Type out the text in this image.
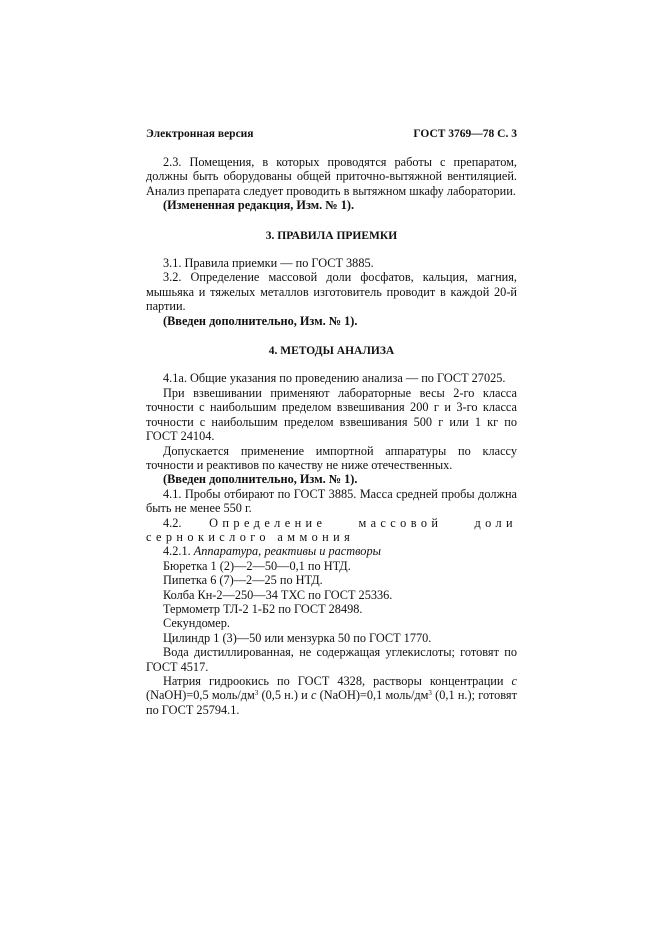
Электронная версия	ГОСТ 3769—78 С. 3

2.3. Помещения, в которых проводятся работы с препаратом, должны быть оборудованы общей приточно-вытяжной вентиляцией. Анализ препарата следует проводить в вытяжном шкафу лаборатории.

(Измененная редакция, Изм. № 1).

3. ПРАВИЛА ПРИЕМКИ

3.1. Правила приемки — по ГОСТ 3885.

3.2. Определение массовой доли фосфатов, кальция, магния, мышьяка и тяжелых металлов изготовитель проводит в каждой 20-й партии.

(Введен дополнительно, Изм. № 1).

4. МЕТОДЫ АНАЛИЗА

4.1a. Общие указания по проведению анализа — по ГОСТ 27025.

При взвешивании применяют лабораторные весы 2-го класса точности с наибольшим пределом взвешивания 200 г и 3-го класса точности с наибольшим пределом взвешивания 500 г или 1 кг по ГОСТ 24104.

Допускается применение импортной аппаратуры по классу точности и реактивов по качеству не ниже отечественных.

(Введен дополнительно, Изм. № 1).

4.1. Пробы отбирают по ГОСТ 3885. Масса средней пробы должна быть не менее 550 г.

4.2. Определение массовой доли сернокислого аммония

4.2.1. Аппаратура, реактивы и растворы

Бюретка 1 (2)—2—50—0,1 по НТД.

Пипетка 6 (7)—2—25 по НТД.

Колба Кн-2—250—34 ТХС по ГОСТ 25336.

Термометр ТЛ-2 1-Б2 по ГОСТ 28498.

Секундомер.

Цилиндр 1 (3)—50 или мензурка 50 по ГОСТ 1770.

Вода дистиллированная, не содержащая углекислоты; готовят по ГОСТ 4517.

Натрия гидроокись по ГОСТ 4328, растворы концентрации c (NaOH)=0,5 моль/$дм^3$ (0,5 н.) и c (NaOH)=0,1 моль/$дм^3$ (0,1 н.); готовят по ГОСТ 25794.1.
